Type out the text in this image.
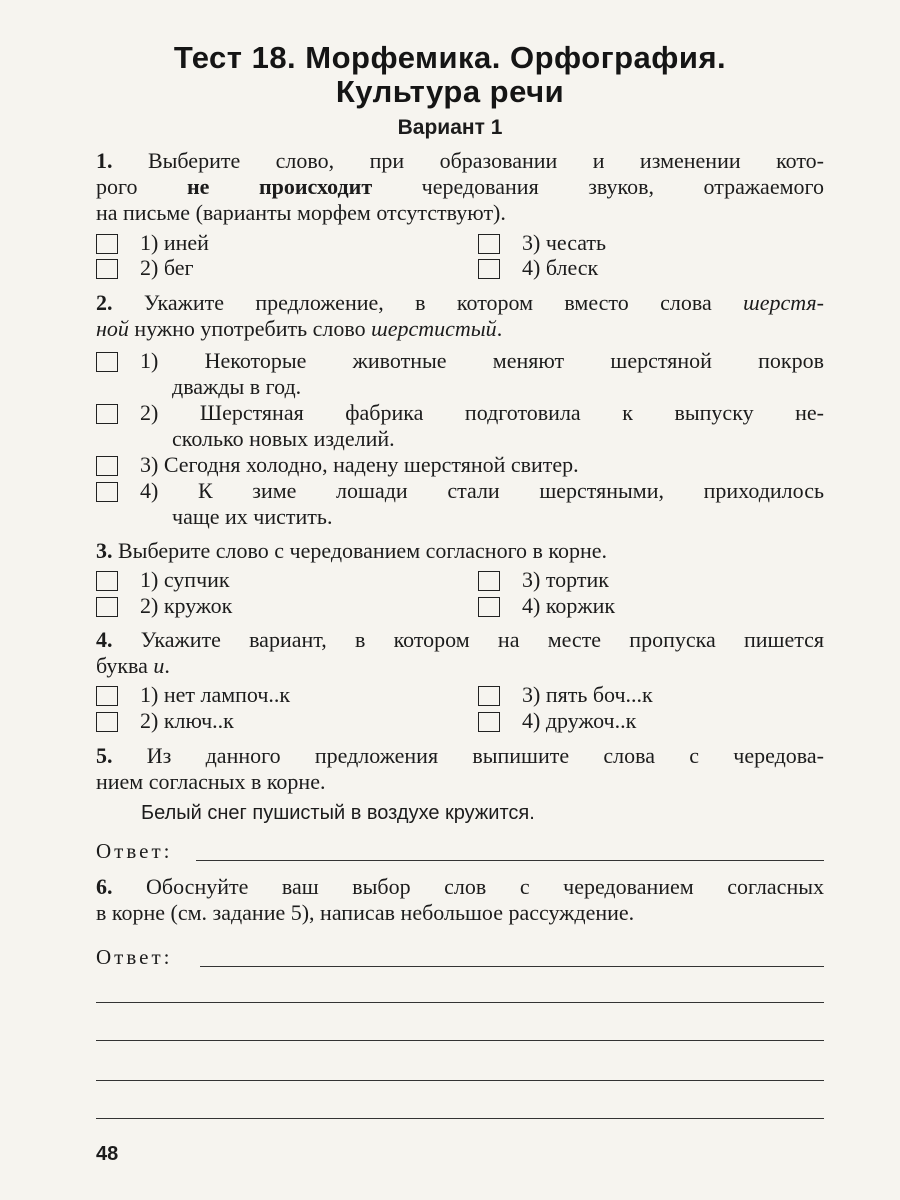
Тест 18. Морфемика. Орфография.
Культура речи
Вариант 1
1. Выберите слово, при образовании и изменении кото-
рого не происходит чередования звуков, отражаемого
на письме (варианты морфем отсутствуют).
1) иней
2) бег
3) чесать
4) блеск
2. Укажите предложение, в котором вместо слова шерстя-
ной нужно употребить слово шерстистый.
1) Некоторые животные меняют шерстяной покров
дважды в год.
2) Шерстяная фабрика подготовила к выпуску не-
сколько новых изделий.
3) Сегодня холодно, надену шерстяной свитер.
4) К зиме лошади стали шерстяными, приходилось
чаще их чистить.
3. Выберите слово с чередованием согласного в корне.
1) супчик
2) кружок
3) тортик
4) коржик
4. Укажите вариант, в котором на месте пропуска пишется
буква и.
1) нет лампоч..к
2) ключ..к
3) пять боч...к
4) дружоч..к
5. Из данного предложения выпишите слова с чередова-
нием согласных в корне.
Белый снег пушистый в воздухе кружится.
Ответ:
6. Обоснуйте ваш выбор слов с чередованием согласных
в корне (см. задание 5), написав небольшое рассуждение.
Ответ:
48
